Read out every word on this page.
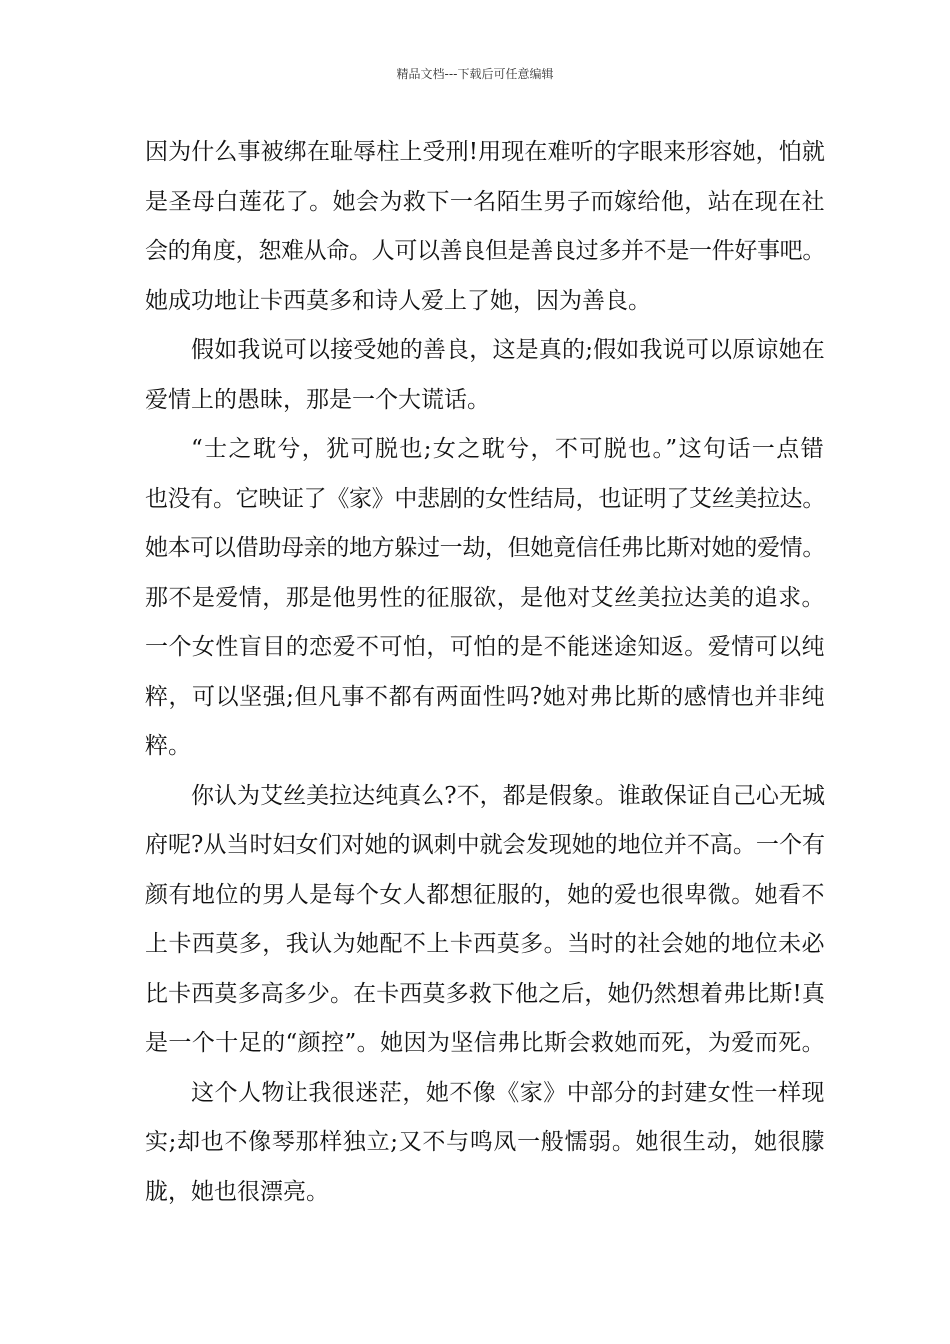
精品文档---下载后可任意编辑
因为什么事被绑在耻辱柱上受刑!用现在难听的字眼来形容她，怕就
是圣母白莲花了。她会为救下一名陌生男子而嫁给他，站在现在社
会的角度，恕难从命。人可以善良但是善良过多并不是一件好事吧。
她成功地让卡西莫多和诗人爱上了她，因为善良。
假如我说可以接受她的善良，这是真的;假如我说可以原谅她在
爱情上的愚昧，那是一个大谎话。
“士之耽兮，犹可脱也;女之耽兮，不可脱也。”这句话一点错
也没有。它映证了《家》中悲剧的女性结局，也证明了艾丝美拉达。
她本可以借助母亲的地方躲过一劫，但她竟信任弗比斯对她的爱情。
那不是爱情，那是他男性的征服欲，是他对艾丝美拉达美的追求。
一个女性盲目的恋爱不可怕，可怕的是不能迷途知返。爱情可以纯
粹，可以坚强;但凡事不都有两面性吗?她对弗比斯的感情也并非纯
粹。
你认为艾丝美拉达纯真么?不，都是假象。谁敢保证自己心无城
府呢?从当时妇女们对她的讽刺中就会发现她的地位并不高。一个有
颜有地位的男人是每个女人都想征服的，她的爱也很卑微。她看不
上卡西莫多，我认为她配不上卡西莫多。当时的社会她的地位未必
比卡西莫多高多少。在卡西莫多救下他之后，她仍然想着弗比斯!真
是一个十足的“颜控”。她因为坚信弗比斯会救她而死，为爱而死。
这个人物让我很迷茫，她不像《家》中部分的封建女性一样现
实;却也不像琴那样独立;又不与鸣凤一般懦弱。她很生动，她很朦
胧，她也很漂亮。
